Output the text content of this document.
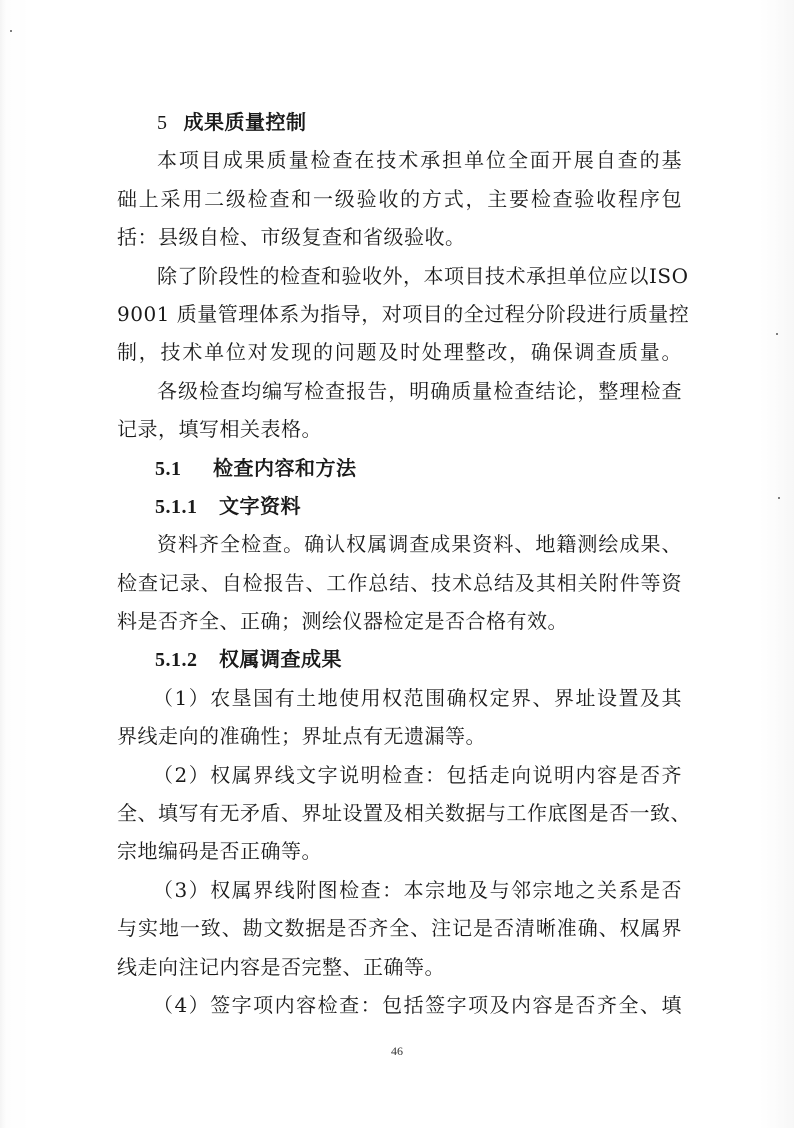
5 成果质量控制
本项目成果质量检查在技术承担单位全面开展自查的基
础上采用二级检查和一级验收的方式，主要检查验收程序包
括：县级自检、市级复查和省级验收。
除了阶段性的检查和验收外，本项目技术承担单位应以ISO
9001 质量管理体系为指导，对项目的全过程分阶段进行质量控
制，技术单位对发现的问题及时处理整改，确保调查质量。
各级检查均编写检查报告，明确质量检查结论，整理检查
记录，填写相关表格。
5.1 检查内容和方法
5.1.1 文字资料
资料齐全检查。确认权属调查成果资料、地籍测绘成果、
检查记录、自检报告、工作总结、技术总结及其相关附件等资
料是否齐全、正确；测绘仪器检定是否合格有效。
5.1.2 权属调查成果
（1）农垦国有土地使用权范围确权定界、界址设置及其
界线走向的准确性；界址点有无遗漏等。
（2）权属界线文字说明检查：包括走向说明内容是否齐
全、填写有无矛盾、界址设置及相关数据与工作底图是否一致、
宗地编码是否正确等。
（3）权属界线附图检查：本宗地及与邻宗地之关系是否
与实地一致、勘文数据是否齐全、注记是否清晰准确、权属界
线走向注记内容是否完整、正确等。
（4）签字项内容检查：包括签字项及内容是否齐全、填
46
